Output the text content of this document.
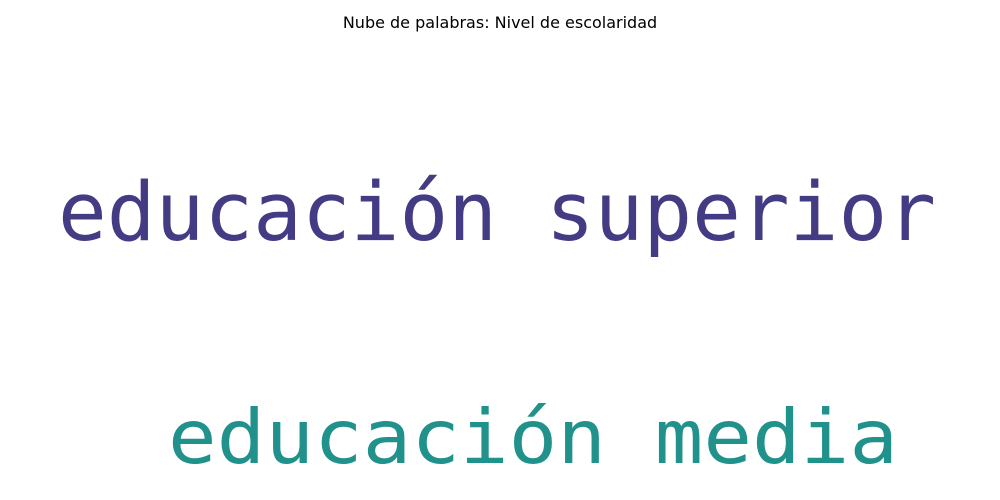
Nube de palabras: Nivel de escolaridad
educación superior
educación media
